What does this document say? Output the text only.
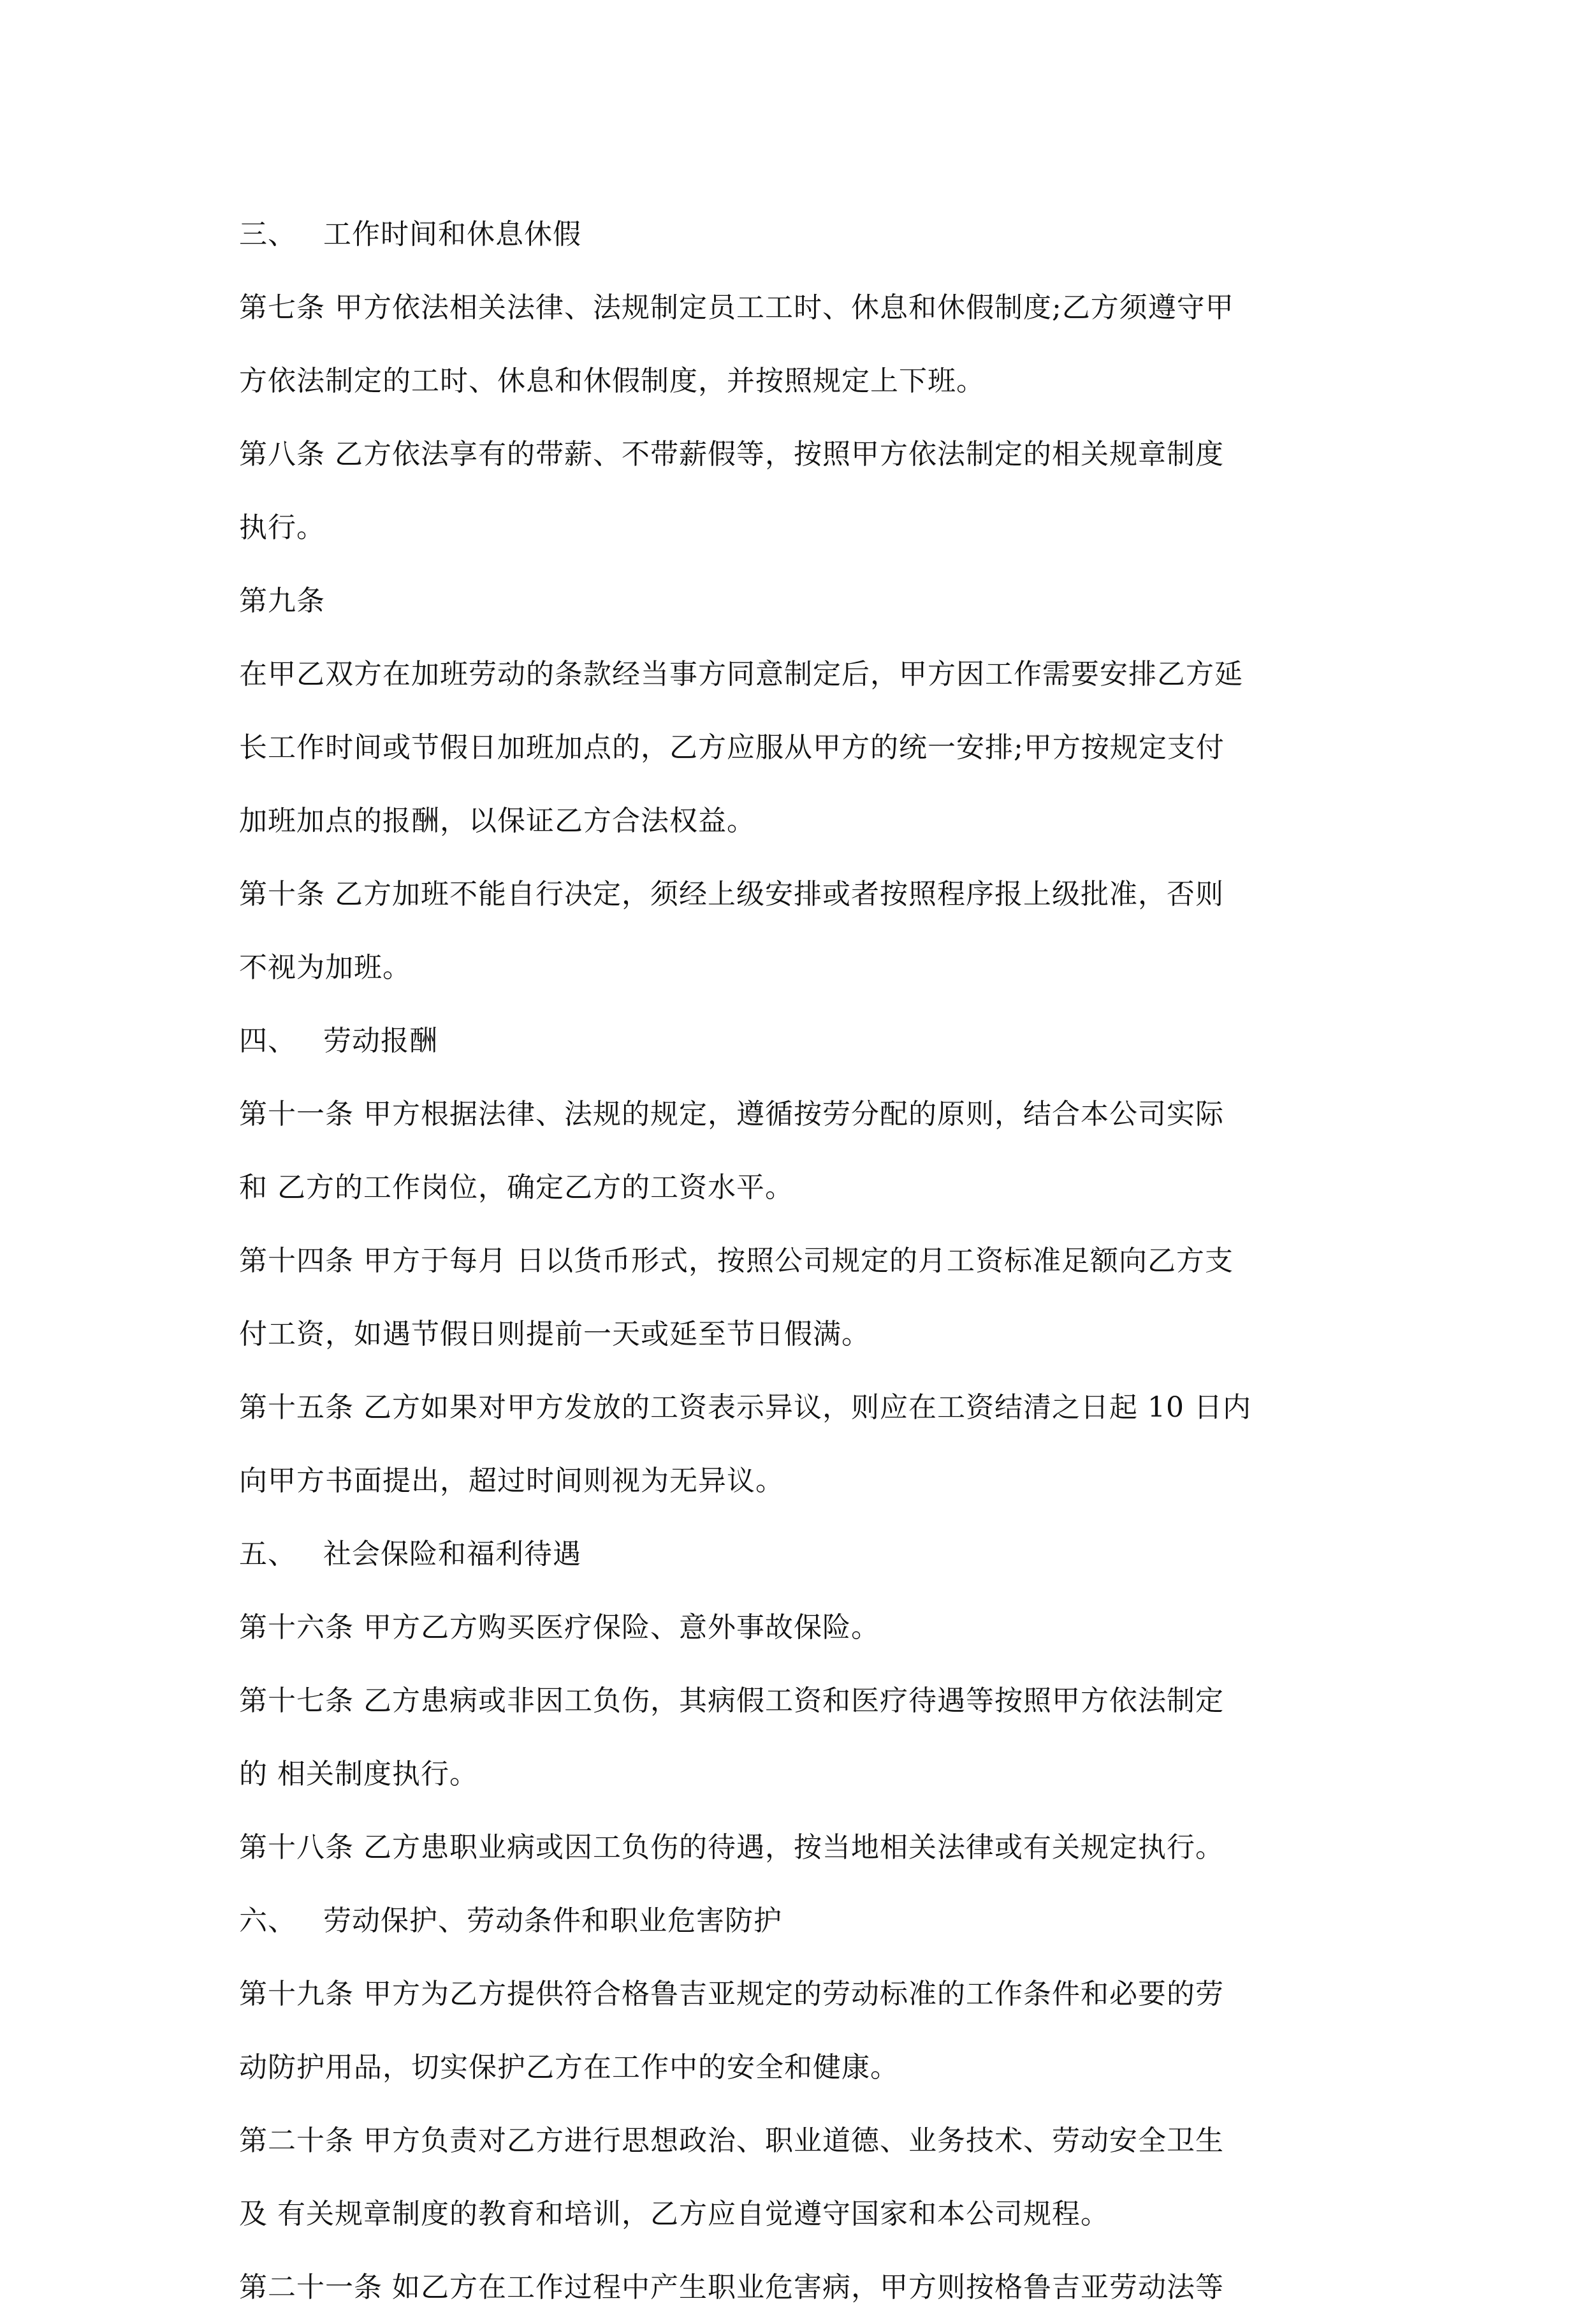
三、 工作时间和休息休假
第七条 甲方依法相关法律、法规制定员工工时、休息和休假制度;乙方须遵守甲
方依法制定的工时、休息和休假制度，并按照规定上下班。
第八条 乙方依法享有的带薪、不带薪假等，按照甲方依法制定的相关规章制度
执行。
第九条
在甲乙双方在加班劳动的条款经当事方同意制定后，甲方因工作需要安排乙方延
长工作时间或节假日加班加点的，乙方应服从甲方的统一安排;甲方按规定支付
加班加点的报酬，以保证乙方合法权益。
第十条 乙方加班不能自行决定，须经上级安排或者按照程序报上级批准，否则
不视为加班。
四、 劳动报酬
第十一条 甲方根据法律、法规的规定，遵循按劳分配的原则，结合本公司实际
和 乙方的工作岗位，确定乙方的工资水平。
第十四条 甲方于每月 日以货币形式，按照公司规定的月工资标准足额向乙方支
付工资，如遇节假日则提前一天或延至节日假满。
第十五条 乙方如果对甲方发放的工资表示异议，则应在工资结清之日起 10 日内
向甲方书面提出，超过时间则视为无异议。
五、 社会保险和福利待遇
第十六条 甲方乙方购买医疗保险、意外事故保险。
第十七条 乙方患病或非因工负伤，其病假工资和医疗待遇等按照甲方依法制定
的 相关制度执行。
第十八条 乙方患职业病或因工负伤的待遇，按当地相关法律或有关规定执行。
六、 劳动保护、劳动条件和职业危害防护
第十九条 甲方为乙方提供符合格鲁吉亚规定的劳动标准的工作条件和必要的劳
动防护用品，切实保护乙方在工作中的安全和健康。
第二十条 甲方负责对乙方进行思想政治、职业道德、业务技术、劳动安全卫生
及 有关规章制度的教育和培训，乙方应自觉遵守国家和本公司规程。
第二十一条 如乙方在工作过程中产生职业危害病，甲方则按格鲁吉亚劳动法等
